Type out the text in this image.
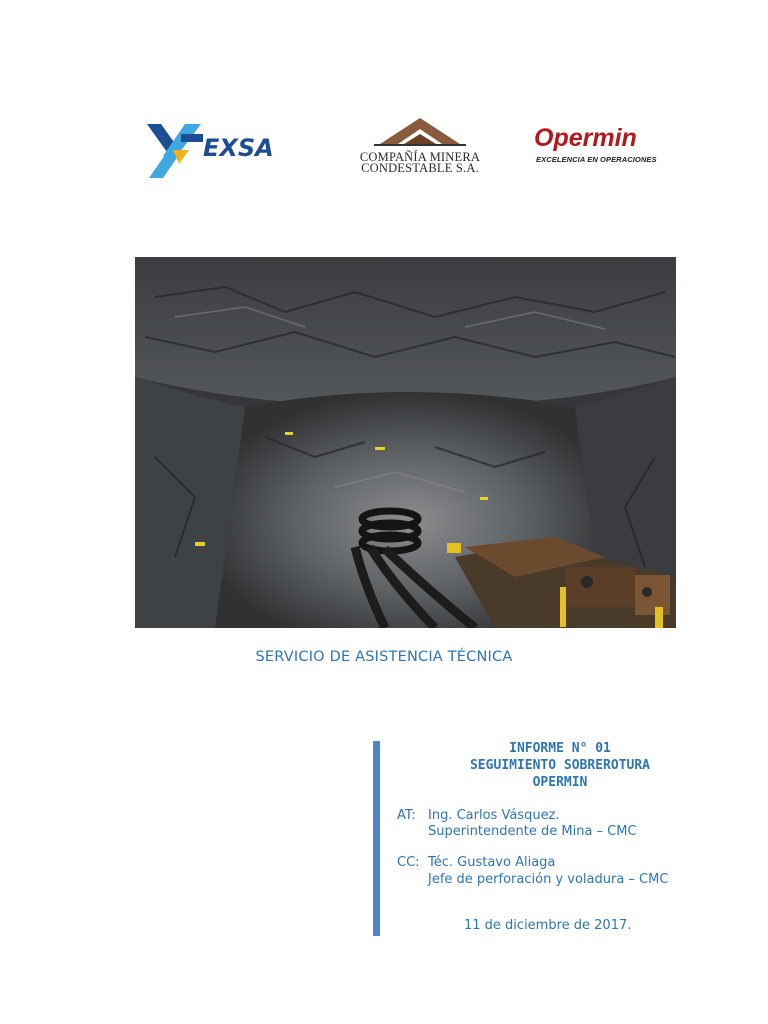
EXSA	COMPAÑÍA MINERA
CONDESTABLE S.A.
Opermin
EXCELENCIA EN OPERACIONES
SERVICIO DE ASISTENCIA TÉCNICA
INFORME N° 01
SEGUIMIENTO SOBREROTURA
OPERMIN
AT: Ing. Carlos Vásquez.
Superintendente de Mina – CMC
CC: Téc. Gustavo Aliaga
Jefe de perforación y voladura – CMC
11 de diciembre de 2017.
